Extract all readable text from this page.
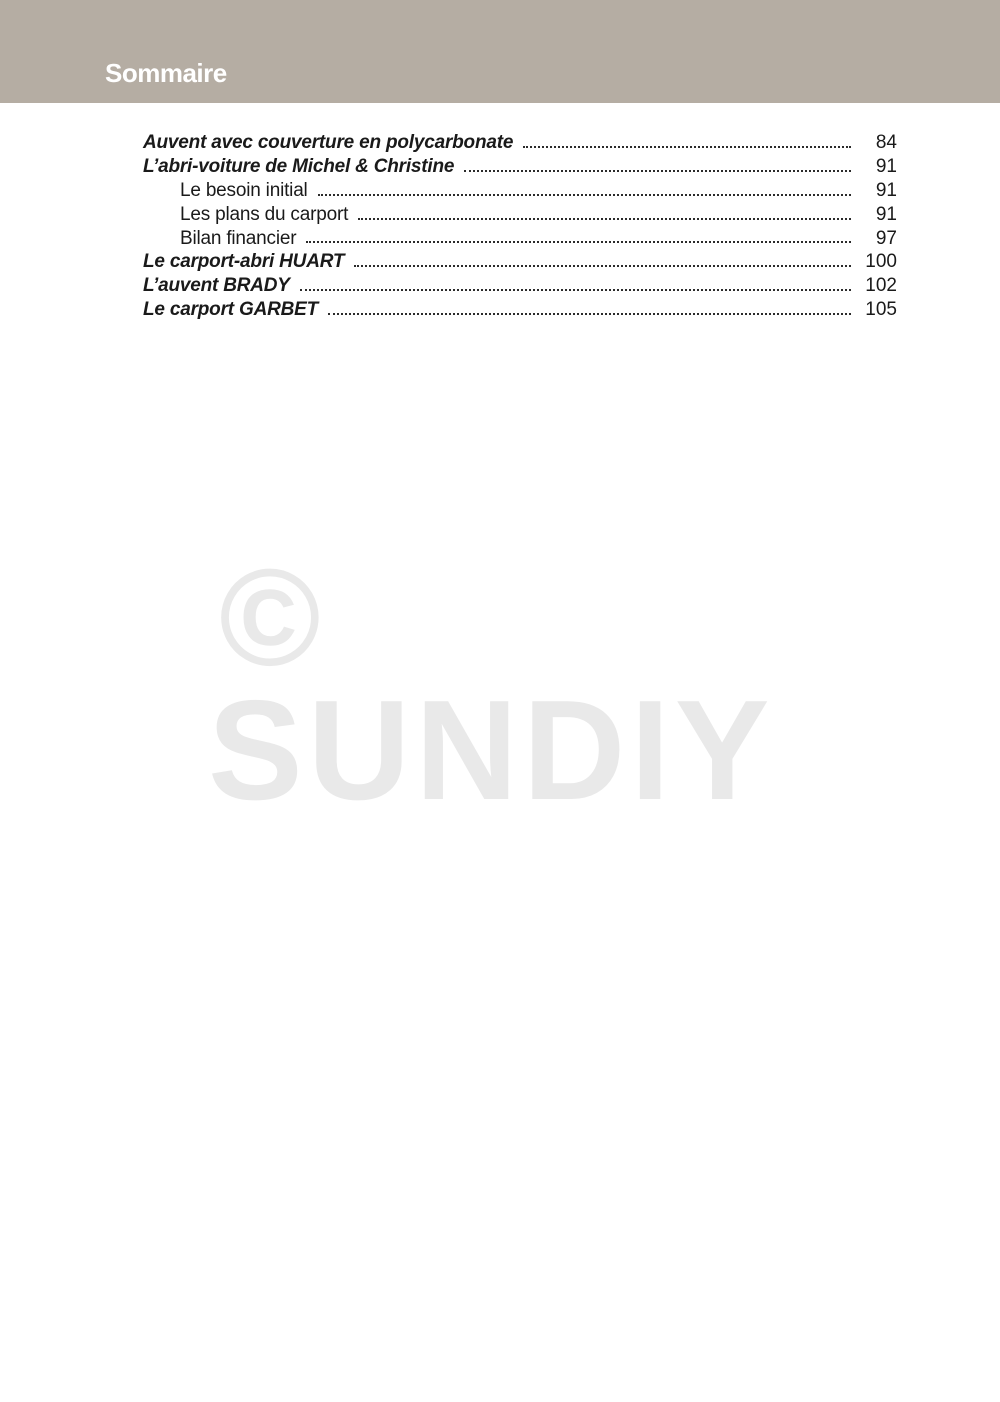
Sommaire
Auvent avec couverture en polycarbonate	84
L’abri-voiture de Michel & Christine	91
Le besoin initial	91
Les plans du carport	91
Bilan financier	97
Le carport-abri HUART	100
L’auvent BRADY	102
Le carport GARBET	105
©
SUNDIY
